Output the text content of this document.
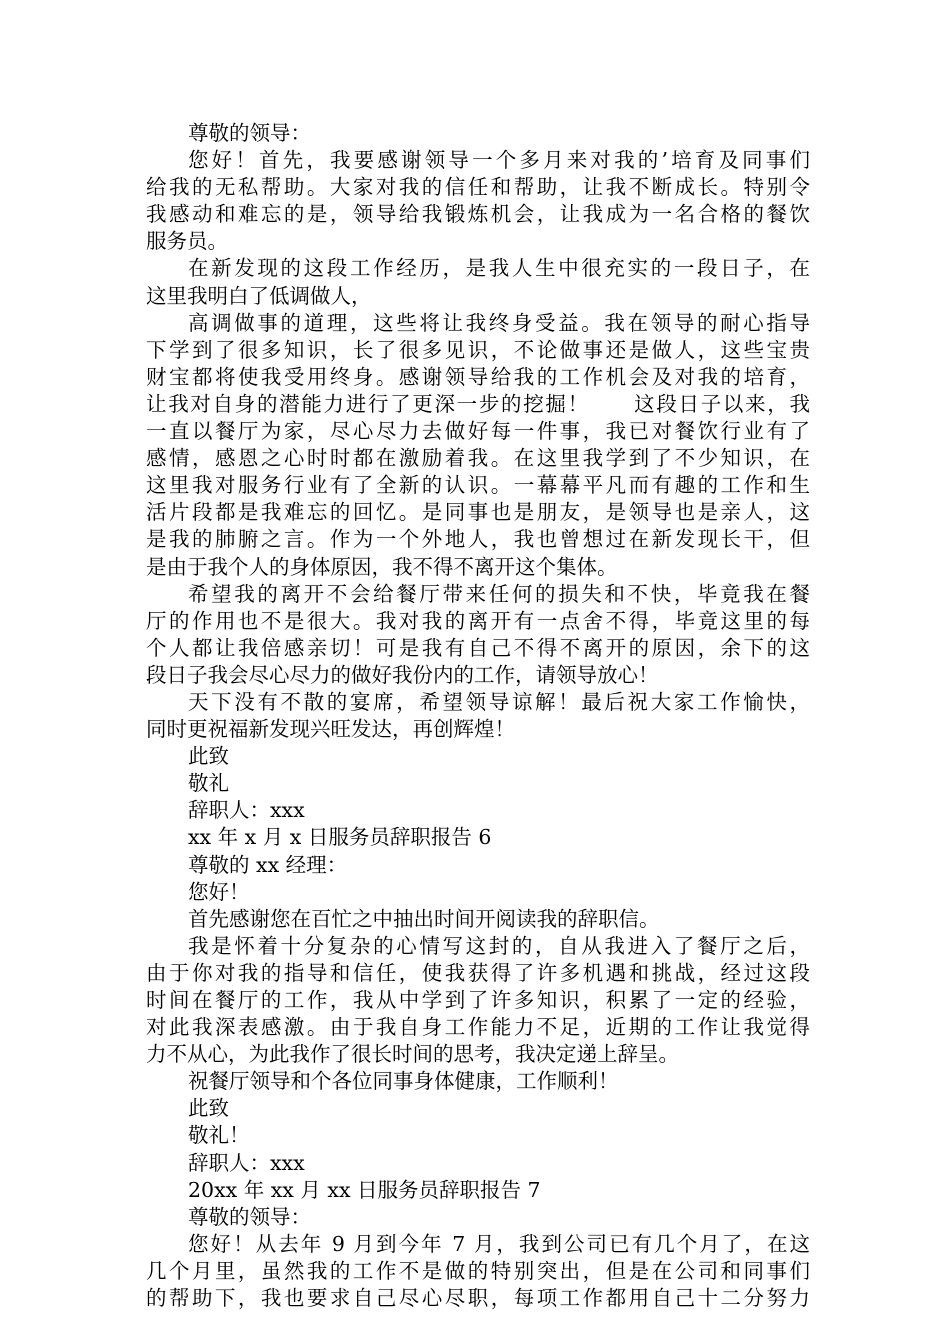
尊敬的领导：
您好！首先，我要感谢领导一个多月来对我的’培育及同事们
给我的无私帮助。大家对我的信任和帮助，让我不断成长。特别令
我感动和难忘的是，领导给我锻炼机会，让我成为一名合格的餐饮
服务员。
在新发现的这段工作经历，是我人生中很充实的一段日子，在
这里我明白了低调做人，
高调做事的道理，这些将让我终身受益。我在领导的耐心指导
下学到了很多知识，长了很多见识，不论做事还是做人，这些宝贵
财宝都将使我受用终身。感谢领导给我的工作机会及对我的培育，
让我对自身的潜能力进行了更深一步的挖掘！　　这段日子以来，我
一直以餐厅为家，尽心尽力去做好每一件事，我已对餐饮行业有了
感情，感恩之心时时都在激励着我。在这里我学到了不少知识，在
这里我对服务行业有了全新的认识。一幕幕平凡而有趣的工作和生
活片段都是我难忘的回忆。是同事也是朋友，是领导也是亲人，这
是我的肺腑之言。作为一个外地人，我也曾想过在新发现长干，但
是由于我个人的身体原因，我不得不离开这个集体。
希望我的离开不会给餐厅带来任何的损失和不快，毕竟我在餐
厅的作用也不是很大。我对我的离开有一点舍不得，毕竟这里的每
个人都让我倍感亲切！可是我有自己不得不离开的原因，余下的这
段日子我会尽心尽力的做好我份内的工作，请领导放心！
天下没有不散的宴席，希望领导谅解！最后祝大家工作愉快，
同时更祝福新发现兴旺发达，再创辉煌！
此致
敬礼
辞职人：xxx
xx 年 x 月 x 日服务员辞职报告 6
尊敬的 xx 经理：
您好！
首先感谢您在百忙之中抽出时间开阅读我的辞职信。
我是怀着十分复杂的心情写这封的，自从我进入了餐厅之后，
由于你对我的指导和信任，使我获得了许多机遇和挑战，经过这段
时间在餐厅的工作，我从中学到了许多知识，积累了一定的经验，
对此我深表感激。由于我自身工作能力不足，近期的工作让我觉得
力不从心，为此我作了很长时间的思考，我决定递上辞呈。
祝餐厅领导和个各位同事身体健康，工作顺利！
此致
敬礼！
辞职人：xxx
20xx 年 xx 月 xx 日服务员辞职报告 7
尊敬的领导：
您好！从去年 9 月到今年 7 月，我到公司已有几个月了，在这
几个月里，虽然我的工作不是做的特别突出，但是在公司和同事们
的帮助下，我也要求自己尽心尽职，每项工作都用自己十二分努力
